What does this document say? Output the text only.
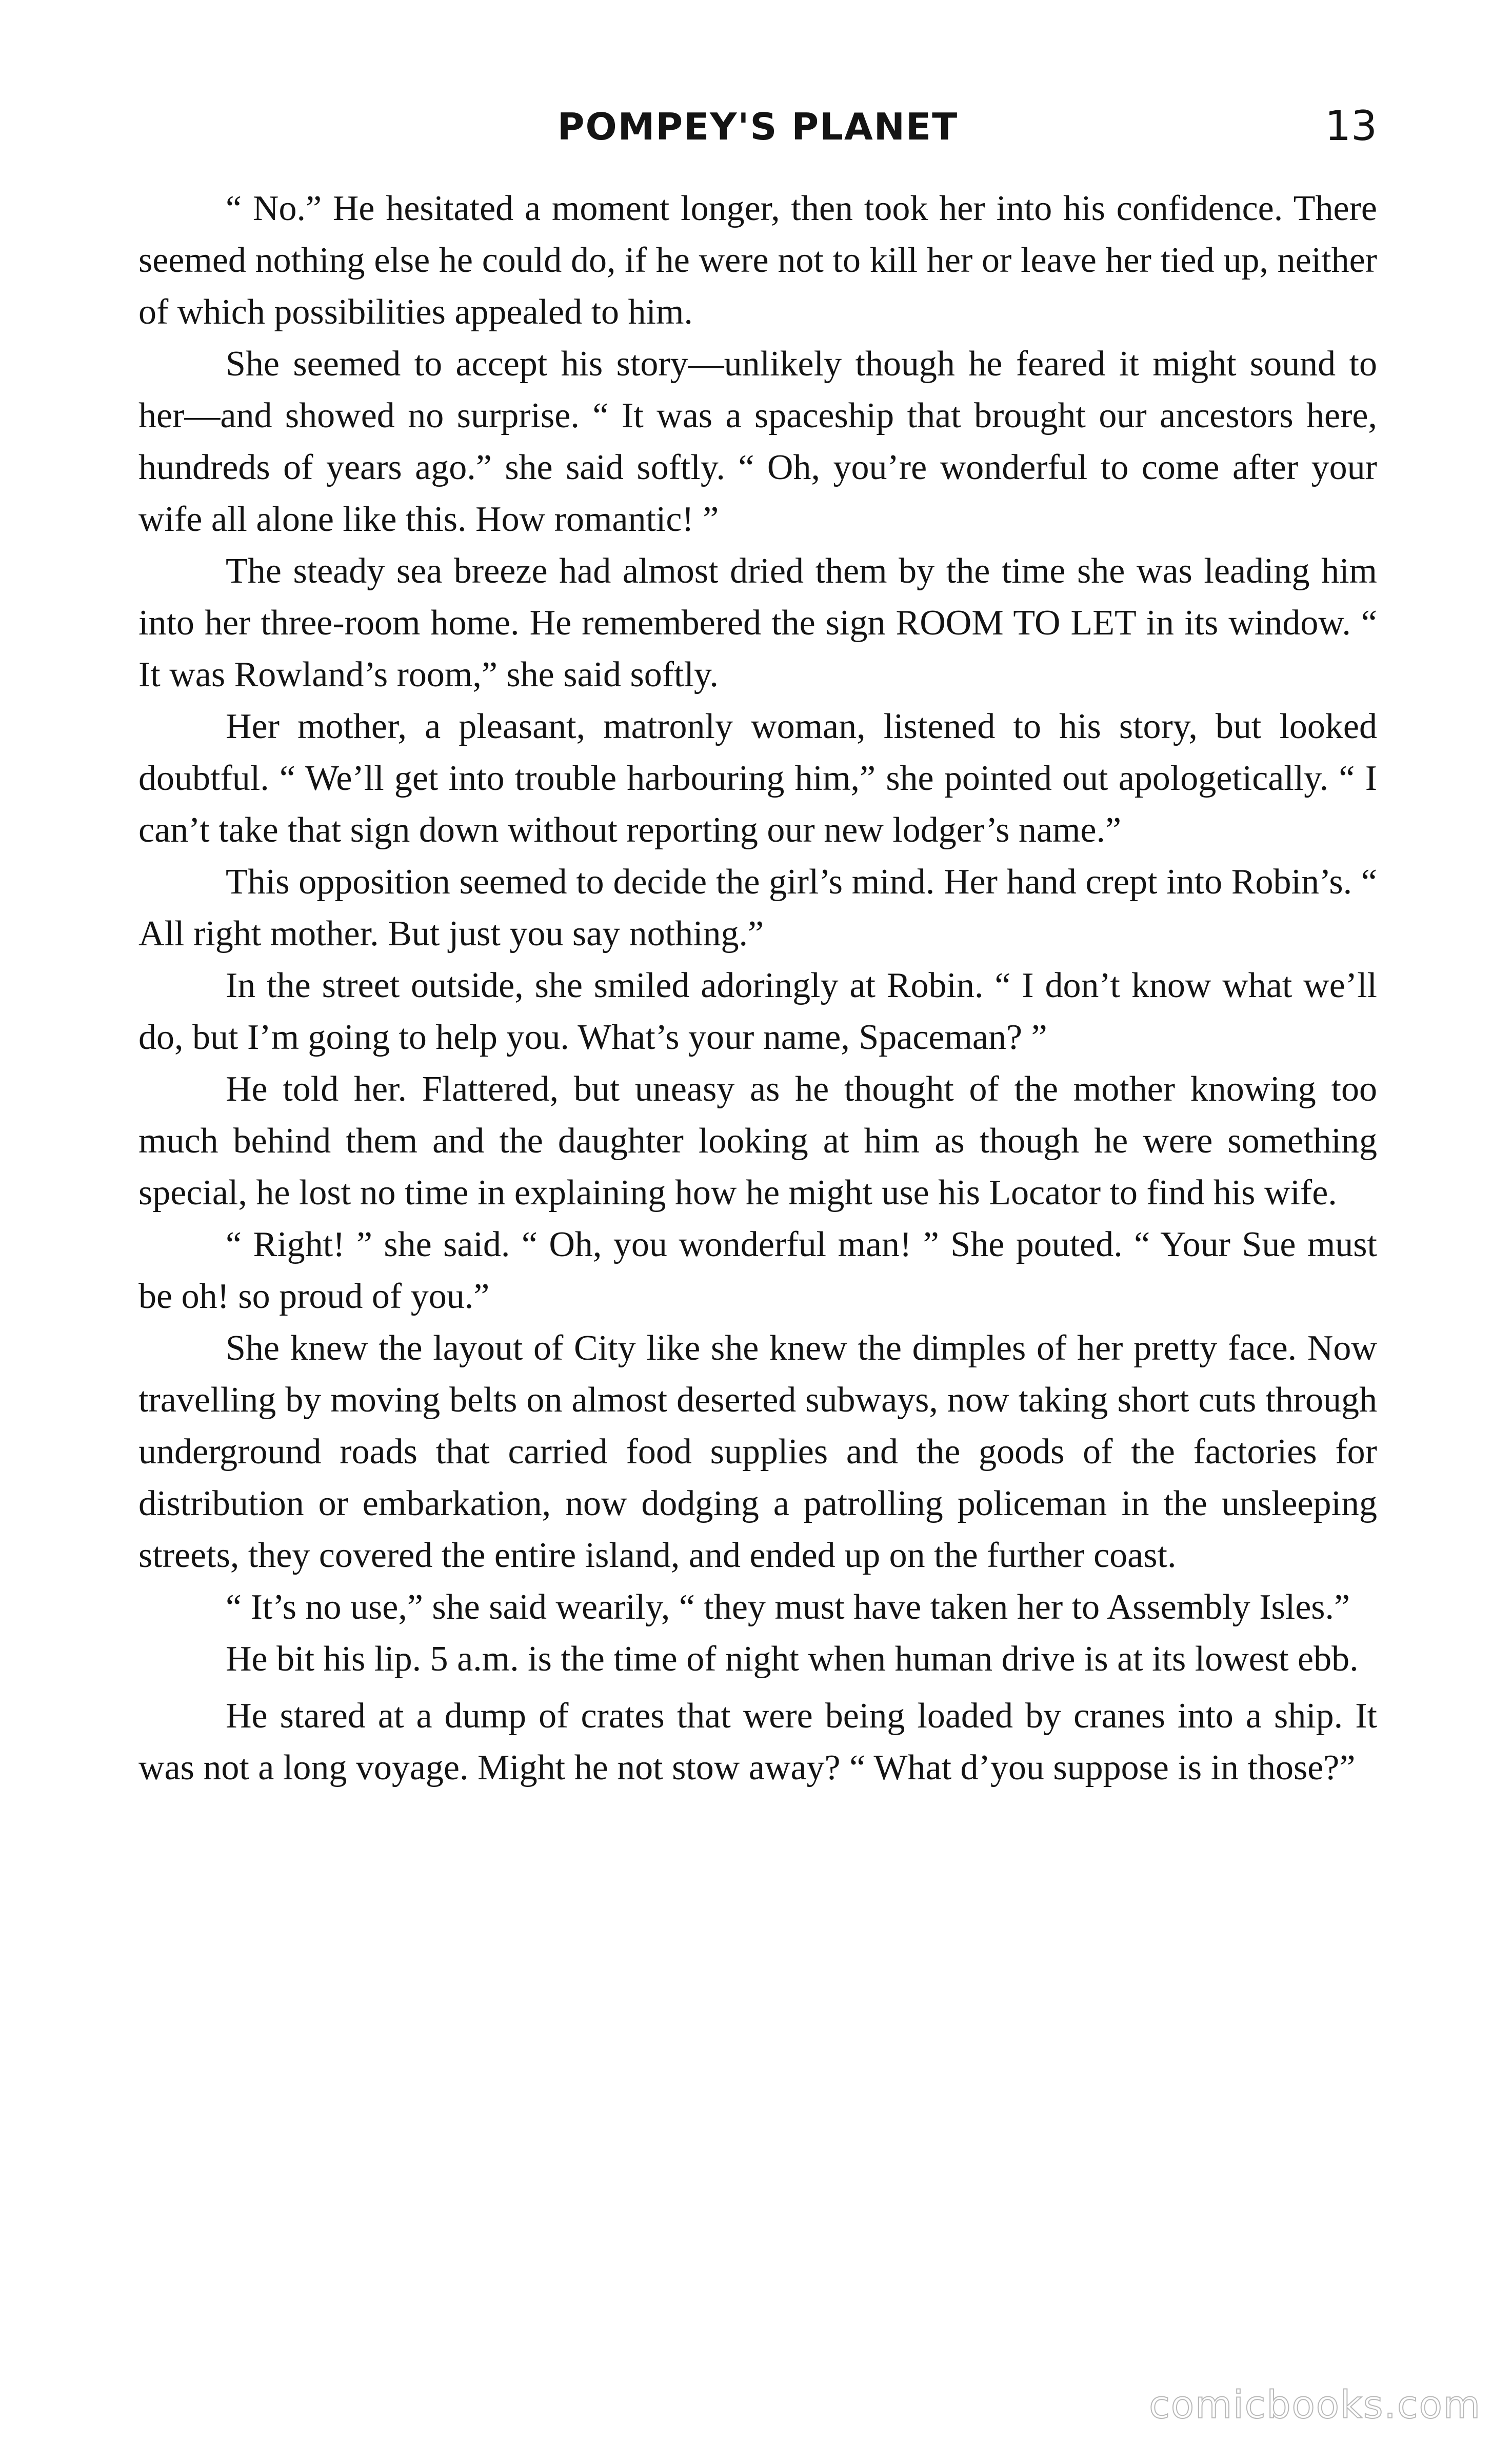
POMPEY'S PLANET	13

“ No.” He hesitated a moment longer, then took her into his confidence. There seemed nothing else he could do, if he were not to kill her or leave her tied up, neither of which possibilities appealed to him.

She seemed to accept his story—unlikely though he feared it might sound to her—and showed no surprise. “ It was a spaceship that brought our ancestors here, hundreds of years ago.” she said softly. “ Oh, you’re wonderful to come after your wife all alone like this. How romantic! ”

The steady sea breeze had almost dried them by the time she was leading him into her three-room home. He remembered the sign ROOM TO LET in its window. “ It was Rowland’s room,” she said softly.

Her mother, a pleasant, matronly woman, listened to his story, but looked doubtful. “ We’ll get into trouble harbouring him,” she pointed out apologetically. “ I can’t take that sign down without reporting our new lodger’s name.”

This opposition seemed to decide the girl’s mind. Her hand crept into Robin’s. “ All right mother. But just you say nothing.”

In the street outside, she smiled adoringly at Robin. “ I don’t know what we’ll do, but I’m going to help you. What’s your name, Spaceman? ”

He told her. Flattered, but uneasy as he thought of the mother knowing too much behind them and the daughter looking at him as though he were something special, he lost no time in explaining how he might use his Locator to find his wife.

“ Right! ” she said. “ Oh, you wonderful man! ” She pouted. “ Your Sue must be oh! so proud of you.”

She knew the layout of City like she knew the dimples of her pretty face. Now travelling by moving belts on almost deserted subways, now taking short cuts through underground roads that carried food supplies and the goods of the factories for distribution or embarkation, now dodging a patrolling policeman in the unsleeping streets, they covered the entire island, and ended up on the further coast.

“ It’s no use,” she said wearily, “ they must have taken her to Assembly Isles.”

He bit his lip. 5 a.m. is the time of night when human drive is at its lowest ebb.

He stared at a dump of crates that were being loaded by cranes into a ship. It was not a long voyage. Might he not stow away? “ What d’you suppose is in those?”

comicbooks.com
